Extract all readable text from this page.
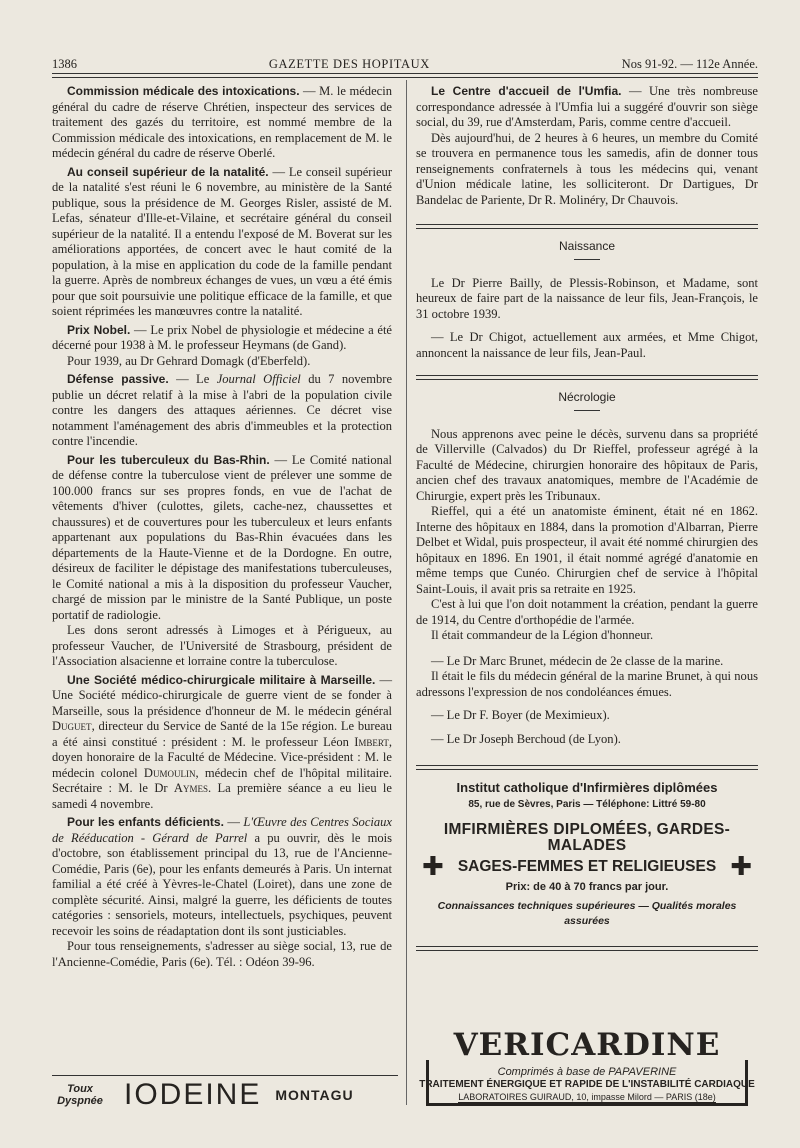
1386	GAZETTE DES HOPITAUX	Nos 91-92. — 112e Année.

Commission médicale des intoxications. — M. le médecin général du cadre de réserve Chrétien, inspecteur des services de traitement des gazés du territoire, est nommé membre de la Commission médicale des intoxications, en remplacement de M. le médecin général du cadre de réserve Oberlé.

Au conseil supérieur de la natalité. — Le conseil supérieur de la natalité s'est réuni le 6 novembre, au ministère de la Santé publique, sous la présidence de M. Georges Risler, assisté de M. Lefas, sénateur d'Ille-et-Vilaine, et secrétaire général du conseil supérieur de la natalité. Il a entendu l'exposé de M. Boverat sur les améliorations apportées, de concert avec le haut comité de la population, à la mise en application du code de la famille pendant la guerre. Après de nombreux échanges de vues, un vœu a été émis pour que soit poursuivie une politique efficace de la famille, et que soient réprimées les manœuvres contre la natalité.

Prix Nobel. — Le prix Nobel de physiologie et médecine a été décerné pour 1938 à M. le professeur Heymans (de Gand).

Pour 1939, au Dr Gehrard Domagk (d'Eberfeld).

Défense passive. — Le Journal Officiel du 7 novembre publie un décret relatif à la mise à l'abri de la population civile contre les dangers des attaques aériennes. Ce décret vise notamment l'aménagement des abris d'immeubles et la protection contre l'incendie.

Pour les tuberculeux du Bas-Rhin. — Le Comité national de défense contre la tuberculose vient de prélever une somme de 100.000 francs sur ses propres fonds, en vue de l'achat de vêtements d'hiver (culottes, gilets, cache-nez, chaussettes et chaussures) et de couvertures pour les tuberculeux et leurs enfants appartenant aux populations du Bas-Rhin évacuées dans les départements de la Haute-Vienne et de la Dordogne. En outre, désireux de faciliter le dépistage des manifestations tuberculeuses, le Comité national a mis à la disposition du professeur Vaucher, chargé de mission par le ministre de la Santé Publique, un poste portatif de radiologie.

Les dons seront adressés à Limoges et à Périgueux, au professeur Vaucher, de l'Université de Strasbourg, président de l'Association alsacienne et lorraine contre la tuberculose.

Une Société médico-chirurgicale militaire à Marseille. — Une Société médico-chirurgicale de guerre vient de se fonder à Marseille, sous la présidence d'honneur de M. le médecin général Duguet, directeur du Service de Santé de la 15e région. Le bureau a été ainsi constitué : président : M. le professeur Léon Imbert, doyen honoraire de la Faculté de Médecine. Vice-président : M. le médecin colonel Dumoulin, médecin chef de l'hôpital militaire. Secrétaire : M. le Dr Aymes. La première séance a eu lieu le samedi 4 novembre.

Pour les enfants déficients. — L'Œuvre des Centres Sociaux de Rééducation - Gérard de Parrel a pu ouvrir, dès le mois d'octobre, son établissement principal du 13, rue de l'Ancienne-Comédie, Paris (6e), pour les enfants demeurés à Paris. Un internat familial a été créé à Yèvres-le-Chatel (Loiret), dans une zone de complète sécurité. Ainsi, malgré la guerre, les déficients de toutes catégories : sensoriels, moteurs, intellectuels, psychiques, peuvent recevoir les soins de réadaptation dont ils sont justiciables.

Pour tous renseignements, s'adresser au siège social, 13, rue de l'Ancienne-Comédie, Paris (6e). Tél. : Odéon 39-96.

Toux
Dyspnée IODEINE MONTAGU

Le Centre d'accueil de l'Umfia. — Une très nombreuse correspondance adressée à l'Umfia lui a suggéré d'ouvrir son siège social, du 39, rue d'Amsterdam, Paris, comme centre d'accueil.

Dès aujourd'hui, de 2 heures à 6 heures, un membre du Comité se trouvera en permanence tous les samedis, afin de donner tous renseignements confraternels à tous les médecins qui, venant d'Union médicale latine, les solliciteront. Dr Dartigues, Dr Bandelac de Pariente, Dr R. Molinéry, Dr Chauvois.

Naissance

Le Dr Pierre Bailly, de Plessis-Robinson, et Madame, sont heureux de faire part de la naissance de leur fils, Jean-François, le 31 octobre 1939.

— Le Dr Chigot, actuellement aux armées, et Mme Chigot, annoncent la naissance de leur fils, Jean-Paul.

Nécrologie

Nous apprenons avec peine le décès, survenu dans sa propriété de Villerville (Calvados) du Dr Rieffel, professeur agrégé à la Faculté de Médecine, chirurgien honoraire des hôpitaux de Paris, ancien chef des travaux anatomiques, membre de l'Académie de Chirurgie, expert près les Tribunaux.

Rieffel, qui a été un anatomiste éminent, était né en 1862. Interne des hôpitaux en 1884, dans la promotion d'Albarran, Pierre Delbet et Widal, puis prospecteur, il avait été nommé chirurgien des hôpitaux en 1896. En 1901, il était nommé agrégé d'anatomie en même temps que Cunéo. Chirurgien chef de service à l'hôpital Saint-Louis, il avait pris sa retraite en 1925.

C'est à lui que l'on doit notamment la création, pendant la guerre de 1914, du Centre d'orthopédie de l'armée.

Il était commandeur de la Légion d'honneur.

— Le Dr Marc Brunet, médecin de 2e classe de la marine.

Il était le fils du médecin général de la marine Brunet, à qui nous adressons l'expression de nos condoléances émues.

— Le Dr F. Boyer (de Meximieux).

— Le Dr Joseph Berchoud (de Lyon).

Institut catholique d'Infirmières diplômées
85, rue de Sèvres, Paris — Téléphone: Littré 59-80
IMFIRMIÈRES DIPLOMÉES, GARDES-MALADES
✚ SAGES-FEMMES ET RELIGIEUSES ✚
Prix: de 40 à 70 francs par jour.
Connaissances techniques supérieures — Qualités morales assurées
VERICARDINE
Comprimés à base de PAPAVERINE
TRAITEMENT ÉNERGIQUE ET RAPIDE DE L'INSTABILITÉ CARDIAQUE
LABORATOIRES GUIRAUD, 10, impasse Milord — PARIS (18e)
